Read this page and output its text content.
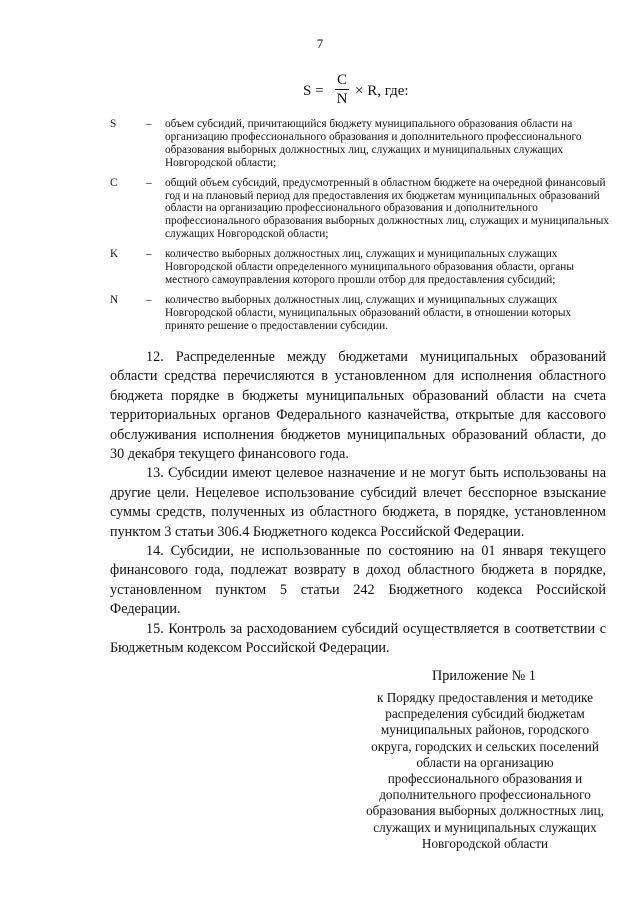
7
S =
C
N × R, где:
S	– объем субсидий, причитающийся бюджету муниципального образования области на организацию профессионального образования и дополнительного профессионального образования выборных должностных лиц, служащих и муниципальных служащих Новгородской области;
C	– общий объем субсидий, предусмотренный в областном бюджете на очередной финансовый год и на плановый период для предоставления их бюджетам муниципальных образований области на организацию профессионального образования и дополнительного профессионального образования выборных должностных лиц, служащих и муниципальных служащих Новгородской области;
K	– количество выборных должностных лиц, служащих и муниципальных служащих Новгородской области определенного муниципального образования области, органы местного самоуправления которого прошли отбор для предоставления субсидий;
N	– количество выборных должностных лиц, служащих и муниципальных служащих Новгородской области, муниципальных образований области, в отношении которых принято решение о предоставлении субсидии.

12. Распределенные между бюджетами муниципальных образований области средства перечисляются в установленном для исполнения областного бюджета порядке в бюджеты муниципальных образований области на счета территориальных органов Федерального казначейства, открытые для кассового обслуживания исполнения бюджетов муниципальных образований области, до 30 декабря текущего финансового года.

13. Субсидии имеют целевое назначение и не могут быть использованы на другие цели. Нецелевое использование субсидий влечет бесспорное взыскание суммы средств, полученных из областного бюджета, в порядке, установленном пунктом 3 статьи 306.4 Бюджетного кодекса Российской Федерации.

14. Субсидии, не использованные по состоянию на 01 января текущего финансового года, подлежат возврату в доход областного бюджета в порядке, установленном пунктом 5 статьи 242 Бюджетного кодекса Российской Федерации.

15. Контроль за расходованием субсидий осуществляется в соответствии с Бюджетным кодексом Российской Федерации.

Приложение № 1
к Порядку предоставления и методике распределения субсидий бюджетам муниципальных районов, городского округа, городских и сельских поселений области на организацию профессионального образования и дополнительного профессионального образования выборных должностных лиц, служащих и муниципальных служащих Новгородской области
